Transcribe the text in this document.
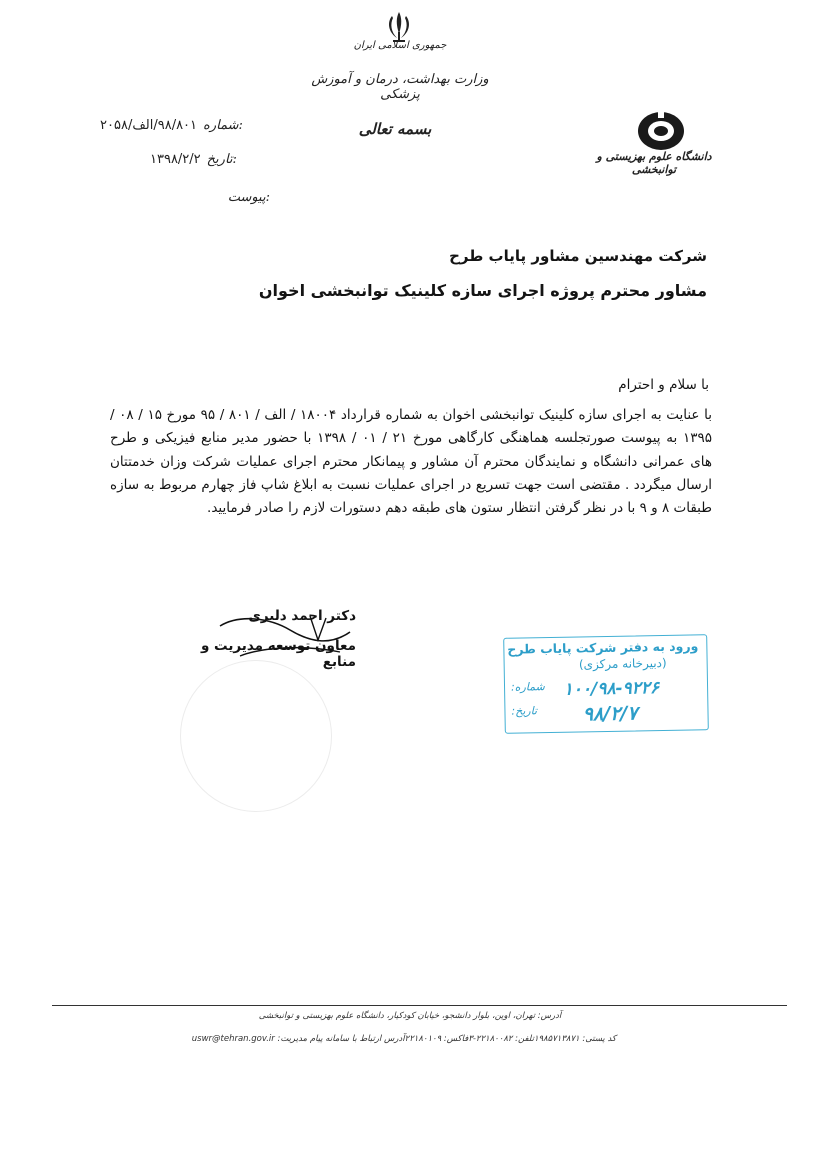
جمهوری اسلامی ایران
وزارت بهداشت، درمان و آموزش پزشکی
بسمه تعالی
دانشگاه علوم بهزیستی و توانبخشی
۹۸/۸۰۱/الف/۲۰۵۸ شماره:
۱۳۹۸/۲/۲ تاریخ:
پیوست:
شرکت مهندسین مشاور پایاب طرح
مشاور محترم پروژه اجرای سازه کلینیک توانبخشی اخوان
با سلام و احترام
با عنایت به اجرای سازه کلینیک توانبخشی اخوان به شماره قرارداد ۱۸۰۰۴ / الف / ۸۰۱ / ۹۵ مورخ ۱۵ / ۰۸ / ۱۳۹۵ به پیوست صورتجلسه هماهنگی کارگاهی مورخ ۲۱ / ۰۱ / ۱۳۹۸ با حضور مدیر منابع فیزیکی و طرح های عمرانی دانشگاه و نمایندگان محترم آن مشاور و پیمانکار محترم اجرای عملیات شرکت وزان خدمتتان ارسال میگردد . مقتضی است جهت تسریع در اجرای عملیات نسبت به ابلاغ شاپ فاز چهارم مربوط به سازه طبقات ۸ و ۹ با در نظر گرفتن انتظار ستون های طبقه دهم دستورات لازم را صادر فرمایید.
دکتر احمد دلبری
معاون توسعه مدیریت و منابع
ورود به دفتر شرکت پایاب طرح
(دبیرخانه مرکزی)
شماره: ۱۰۰/۹۸-۹۲۲۶
تاریخ: ۹۸/۲/۷
آدرس: تهران، اوین، بلوار دانشجو، خیابان کودکیار، دانشگاه علوم بهزیستی و توانبخشی
کد پستی: ۱۹۸۵۷۱۳۸۷۱
تلفن: ۲۲۱۸۰۰۸۲-۳
فاکس: ۲۲۱۸۰۱۰۹
آدرس ارتباط با سامانه پیام مدیریت: uswr@tehran.gov.ir
